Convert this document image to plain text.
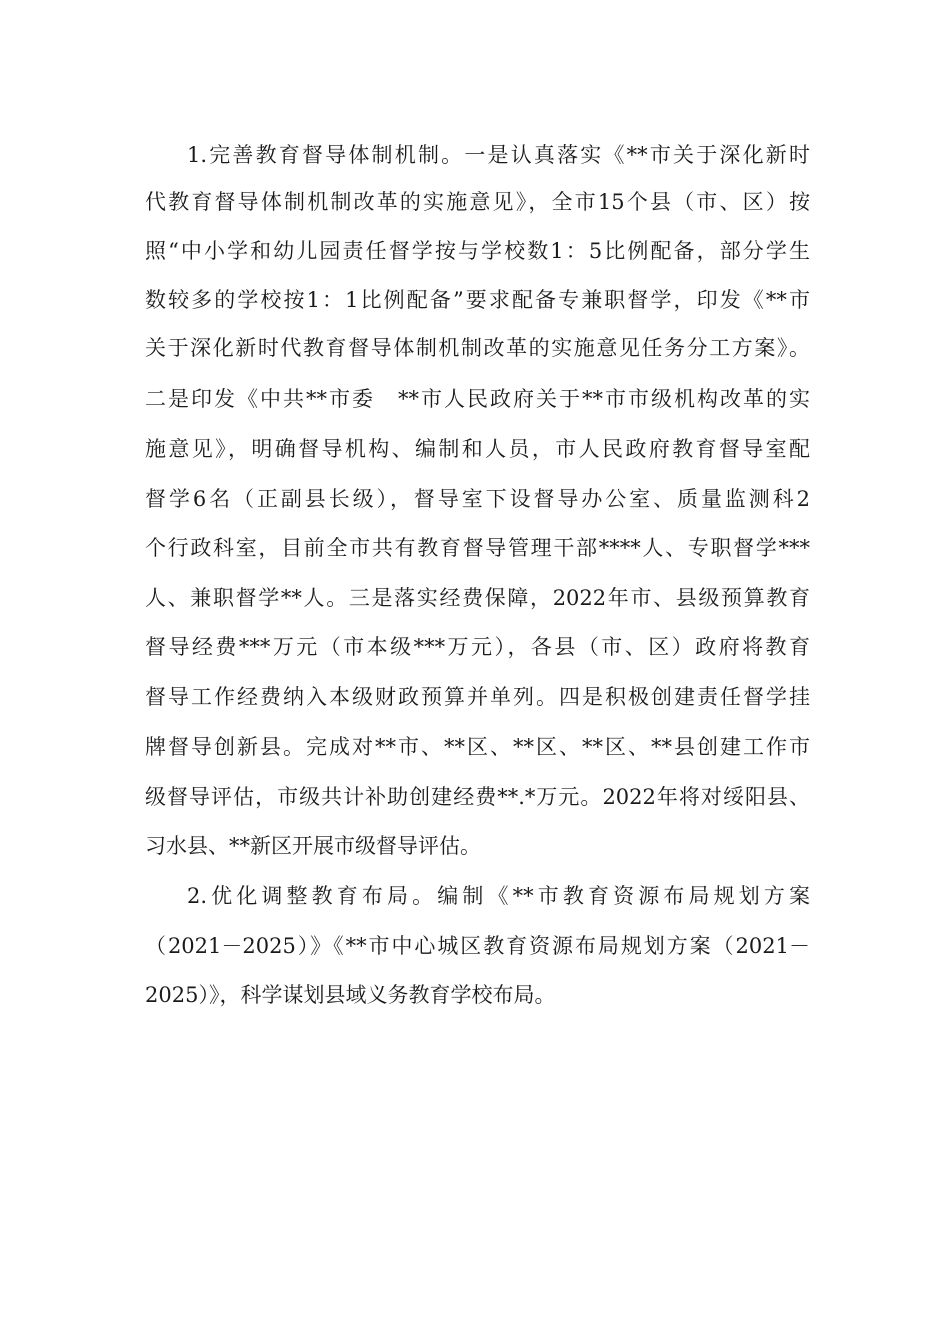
1.完善教育督导体制机制。一是认真落实《**市关于深化新时
代教育督导体制机制改革的实施意见》，全市15个县（市、区）按
照“中小学和幼儿园责任督学按与学校数1：5比例配备，部分学生
数较多的学校按1：1比例配备”要求配备专兼职督学，印发《**市
关于深化新时代教育督导体制机制改革的实施意见任务分工方案》。
二是印发《中共**市委　**市人民政府关于**市市级机构改革的实
施意见》，明确督导机构、编制和人员，市人民政府教育督导室配
督学6名（正副县长级），督导室下设督导办公室、质量监测科2
个行政科室，目前全市共有教育督导管理干部****人、专职督学***
人、兼职督学**人。三是落实经费保障，2022年市、县级预算教育
督导经费***万元（市本级***万元），各县（市、区）政府将教育
督导工作经费纳入本级财政预算并单列。四是积极创建责任督学挂
牌督导创新县。完成对**市、**区、**区、**区、**县创建工作市
级督导评估，市级共计补助创建经费**.*万元。2022年将对绥阳县、
习水县、**新区开展市级督导评估。
2.优化调整教育布局。编制《**市教育资源布局规划方案
（2021－2025）》《**市中心城区教育资源布局规划方案（2021－
2025）》，科学谋划县域义务教育学校布局。
